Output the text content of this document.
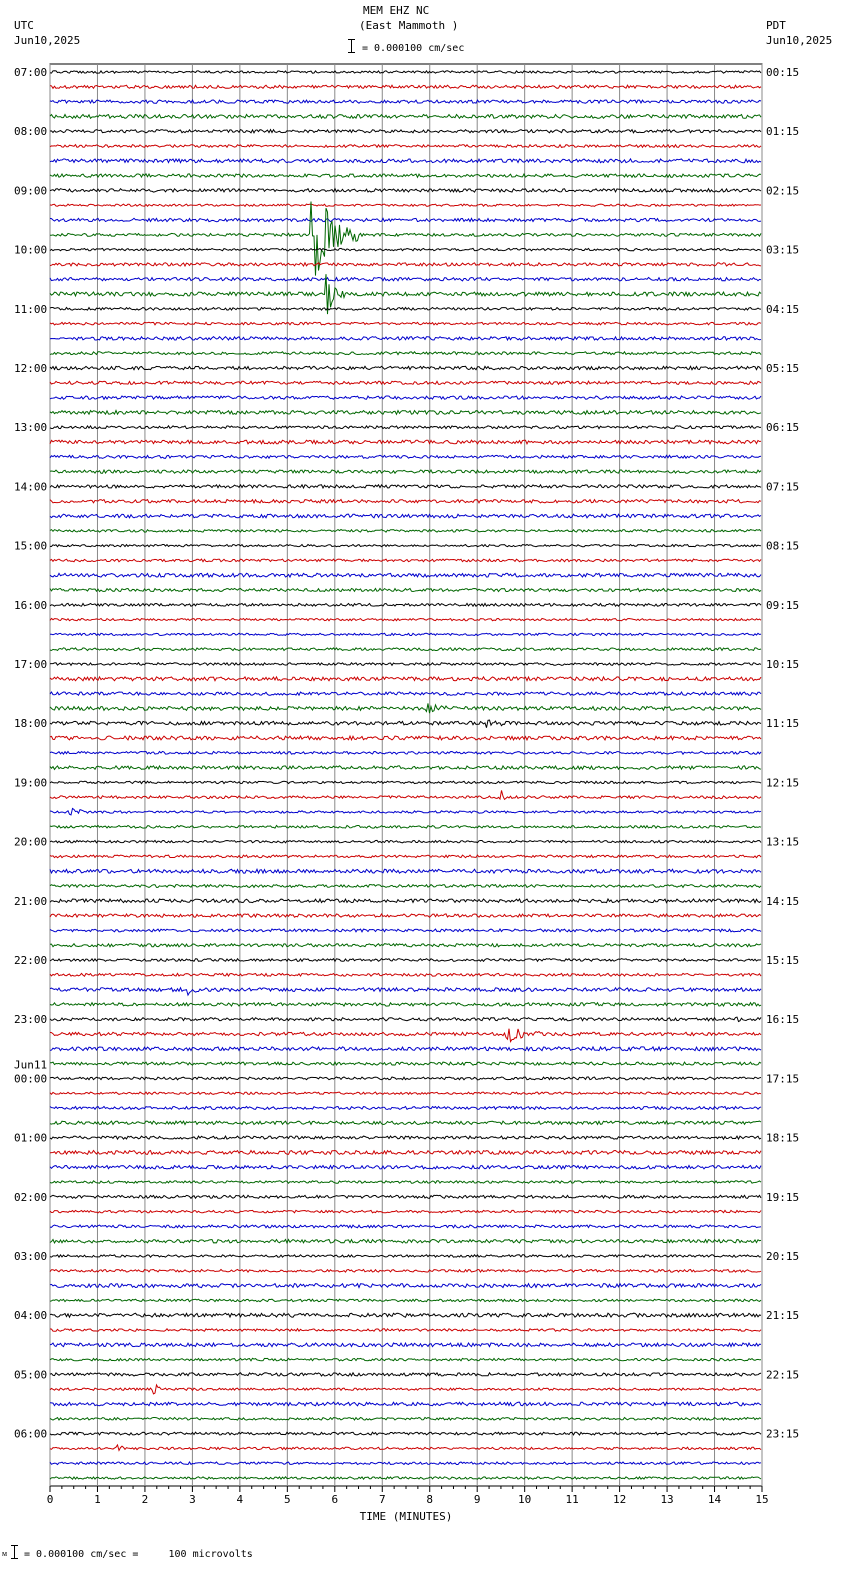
MEM EHZ NC
(East Mammoth )
= 0.000100 cm/sec
UTC
Jun10,2025
PDT
Jun10,2025
0	1	2	3	4	5	6	7	8	9	10	11	12	13	14	15
07:00
08:00
09:00
10:00
11:00
12:00
13:00
14:00
15:00
16:00
17:00
18:00
19:00
20:00
21:00
22:00
23:00
00:00
Jun11
01:00
02:00
03:00
04:00
05:00
06:00
00:15
01:15
02:15
03:15
04:15
05:15
06:15
07:15
08:15
09:15
10:15
11:15
12:15
13:15
14:15
15:15
16:15
17:15
18:15
19:15
20:15
21:15
22:15
23:15
TIME (MINUTES)
ᴍ = 0.000100 cm/sec =     100 microvolts
